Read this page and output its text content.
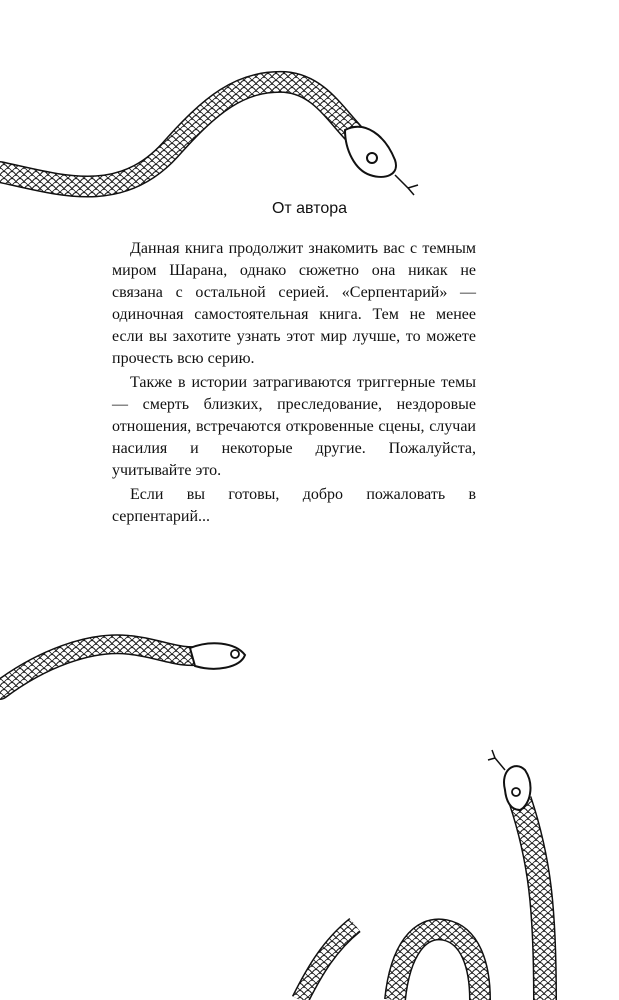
От автора

Данная книга продолжит знакомить вас с темным миром Шарана, однако сюжетно она никак не связана с остальной серией. «Серпентарий» — одиночная самостоятельная книга. Тем не менее если вы захотите узнать этот мир лучше, то можете прочесть всю серию.

Также в истории затрагиваются триггерные темы — смерть близких, преследование, нездоровые отношения, встречаются откровенные сцены, случаи насилия и некоторые другие. Пожалуйста, учитывайте это.

Если вы готовы, добро пожаловать в серпентарий...
